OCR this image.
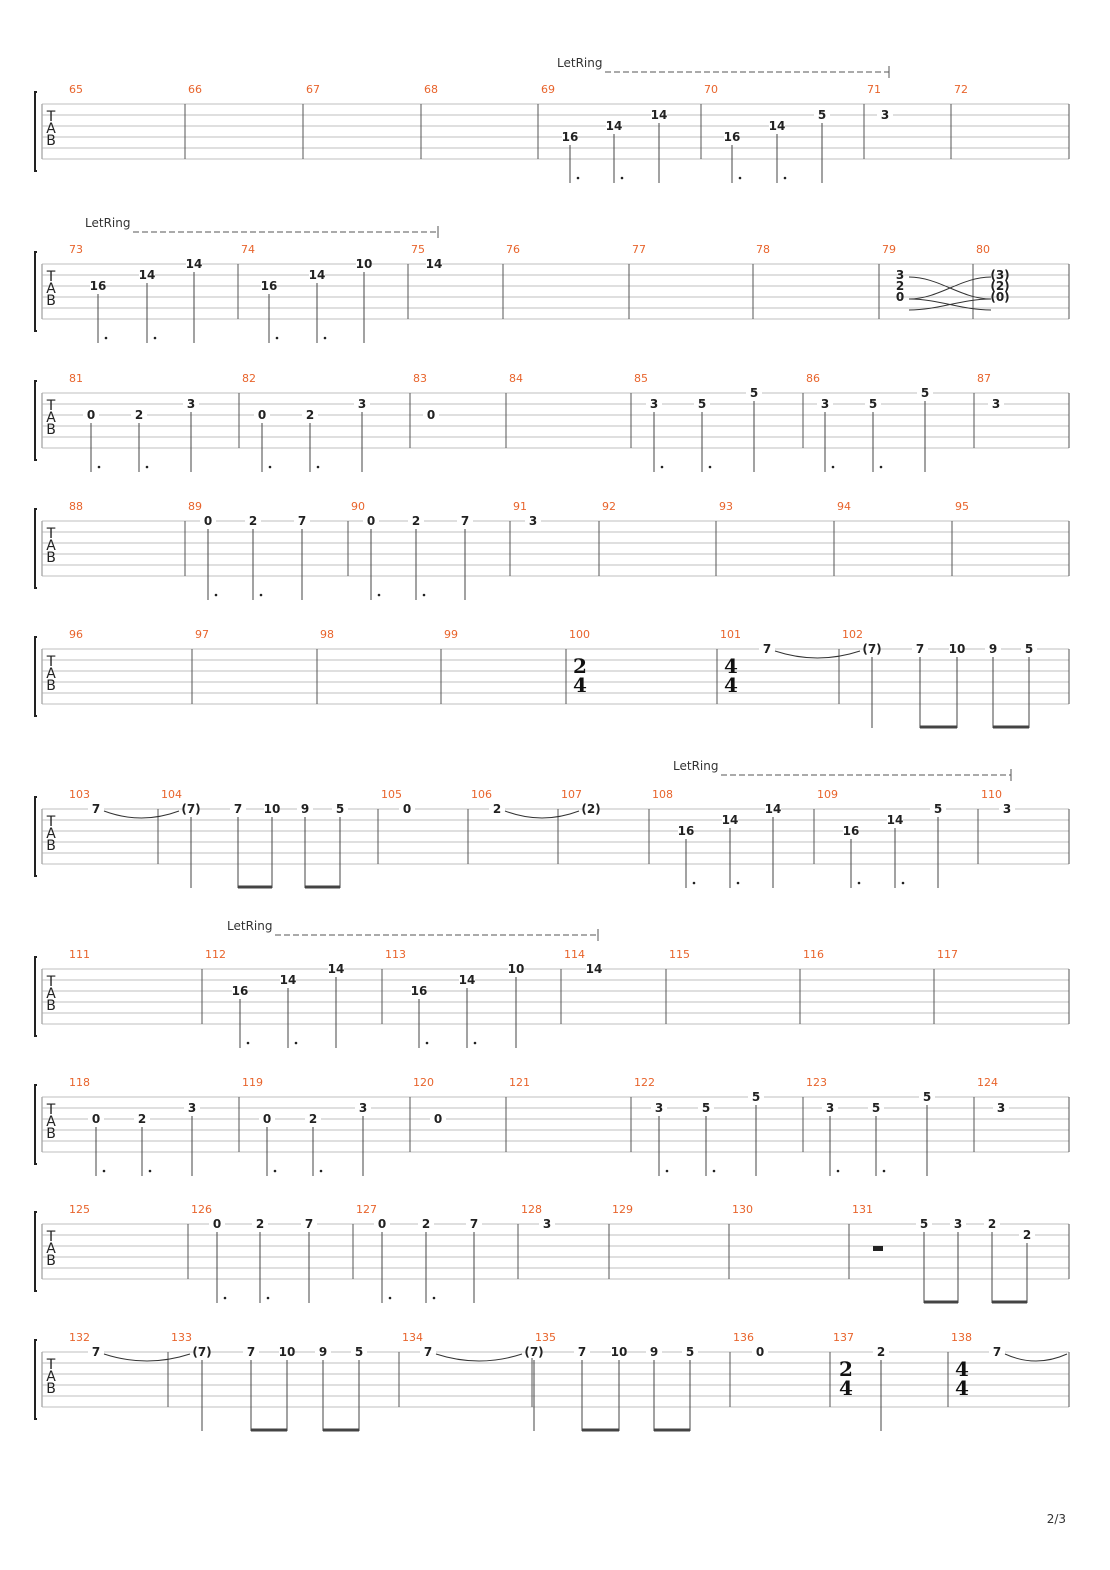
T
A
B
65	66	67	68	69
16
14
14
70
16
14
5
71
3
72
LetRing
T
A
B
73
16
14
14
74
16
14
10
75
14
76	77	78	79
3
2
0
80
(3)
(2)
(0)
LetRing
T
A
B
81
0	2
3
82
0	2
3
83
0
84	85
3	5
5
86
3	5
5
87
3
T
A
B
88	89
0	2	7
90
0	2	7
91
3
92	93	94	95
T
A
B
96	97	98	99	100
2
4
101
4
4
7
102
(7)	7 10 9 5
T
A
B
103
7
104
(7)	7 10 9 5
105
0
106
2
107
(2)
108
16
14
14
109
16
14
5
110
3
LetRing
T
A
B
111	112
16
14
14
113
16
14
10
114
14
115	116	117
LetRing
T
A
B
118
0	2
3
119
0	2
3
120
0
121	122
3	5
5
123
3	5
5
124
3
T
A
B
125	126
0	2	7
127
0	2	7
128
3
129	130	131
5 3 2
2
T
A
B
132
7
133
(7)	7 10 9 5
134
7
135
(7)	7 10 9 5
136
0
137
2
4
2
138
4
4
7
2/3
